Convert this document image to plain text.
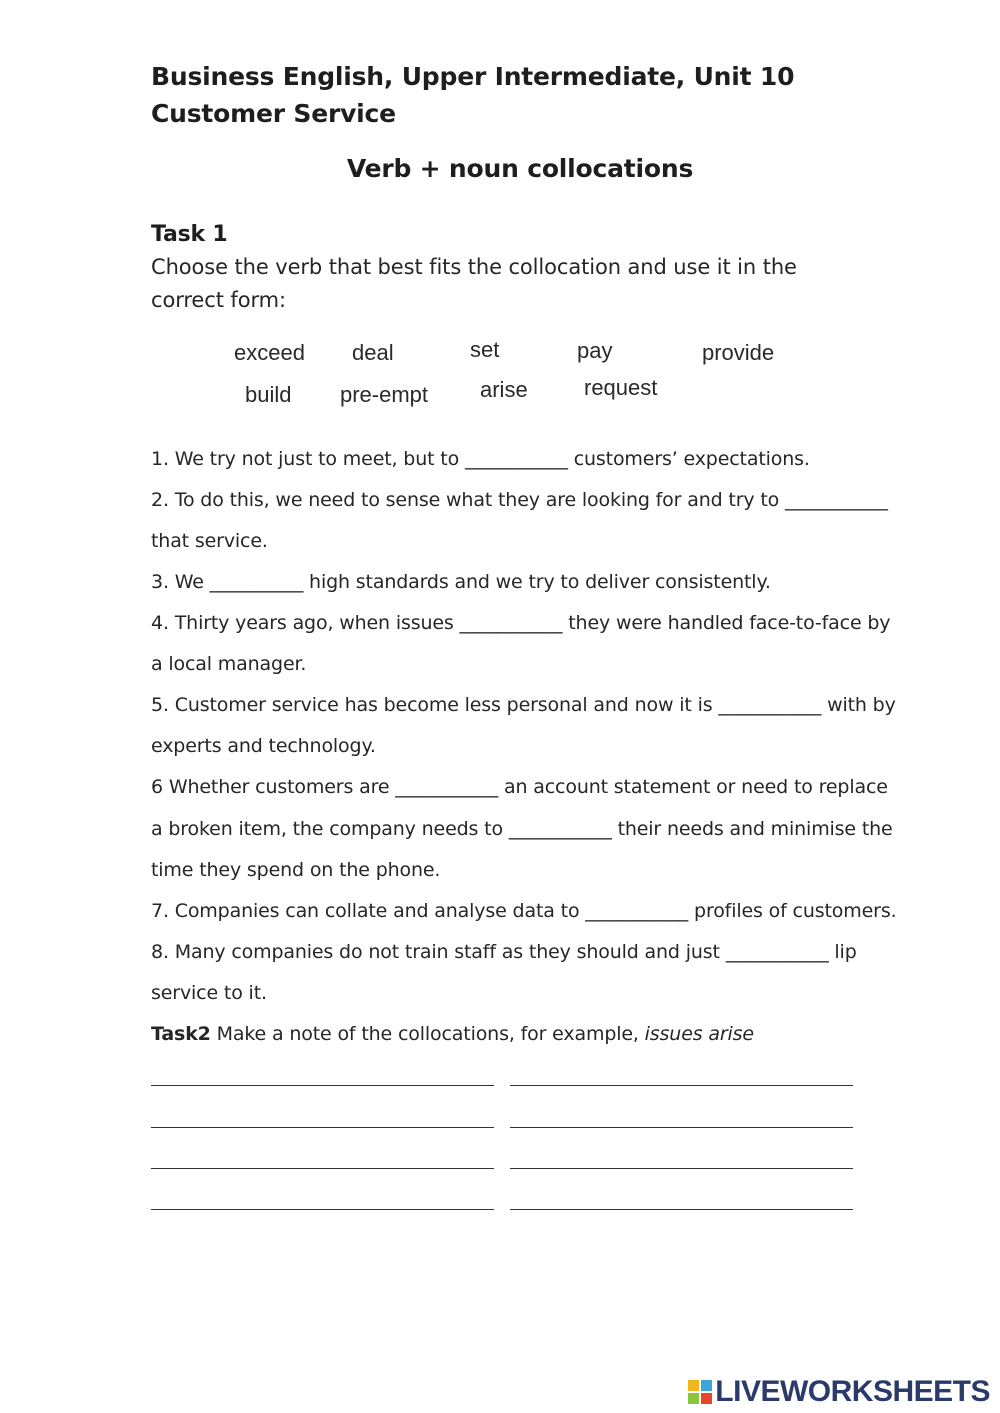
Business English, Upper Intermediate, Unit 10
Customer Service
Verb + noun collocations
Task 1
Choose the verb that best fits the collocation and use it in the
correct form:
exceed deal	set	pay	provide
build pre-empt arise	request
1. We try not just to meet, but to ___________ customers’ expectations.
2. To do this, we need to sense what they are looking for and try to ___________
that service.
3. We __________ high standards and we try to deliver consistently.
4. Thirty years ago, when issues ___________ they were handled face-to-face by
a local manager.
5. Customer service has become less personal and now it is ___________ with by
experts and technology.
6 Whether customers are ___________ an account statement or need to replace
a broken item, the company needs to ___________ their needs and minimise the
time they spend on the phone.
7. Companies can collate and analyse data to ___________ profiles of customers.
8. Many companies do not train staff as they should and just ___________ lip
service to it.
Task2 Make a note of the collocations, for example, issues arise
LIVEWORKSHEETS
